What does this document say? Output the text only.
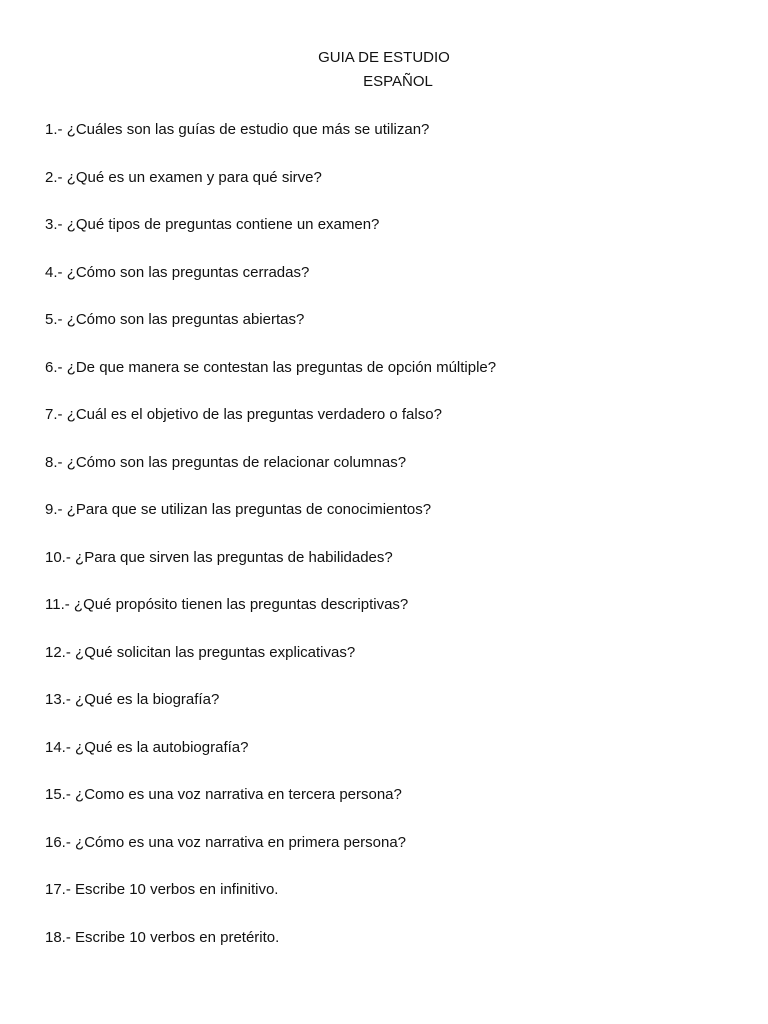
GUIA DE ESTUDIO

ESPAÑOL
1.- ¿Cuáles son las guías de estudio que más se utilizan?
2.- ¿Qué es un examen y para qué sirve?
3.- ¿Qué tipos de preguntas contiene un examen?
4.- ¿Cómo son las preguntas cerradas?
5.- ¿Cómo son las preguntas abiertas?
6.- ¿De que manera se contestan las preguntas de opción múltiple?
7.- ¿Cuál es el objetivo de las preguntas verdadero o falso?
8.- ¿Cómo son las preguntas de relacionar columnas?
9.- ¿Para que se utilizan las preguntas de conocimientos?
10.- ¿Para que sirven las preguntas de habilidades?
11.- ¿Qué propósito tienen las preguntas descriptivas?
12.- ¿Qué solicitan las preguntas explicativas?
13.- ¿Qué es la biografía?
14.- ¿Qué es la autobiografía?
15.- ¿Como es una voz narrativa en tercera persona?
16.- ¿Cómo es una voz narrativa en primera persona?
17.- Escribe 10 verbos en infinitivo.
18.- Escribe 10 verbos en pretérito.
